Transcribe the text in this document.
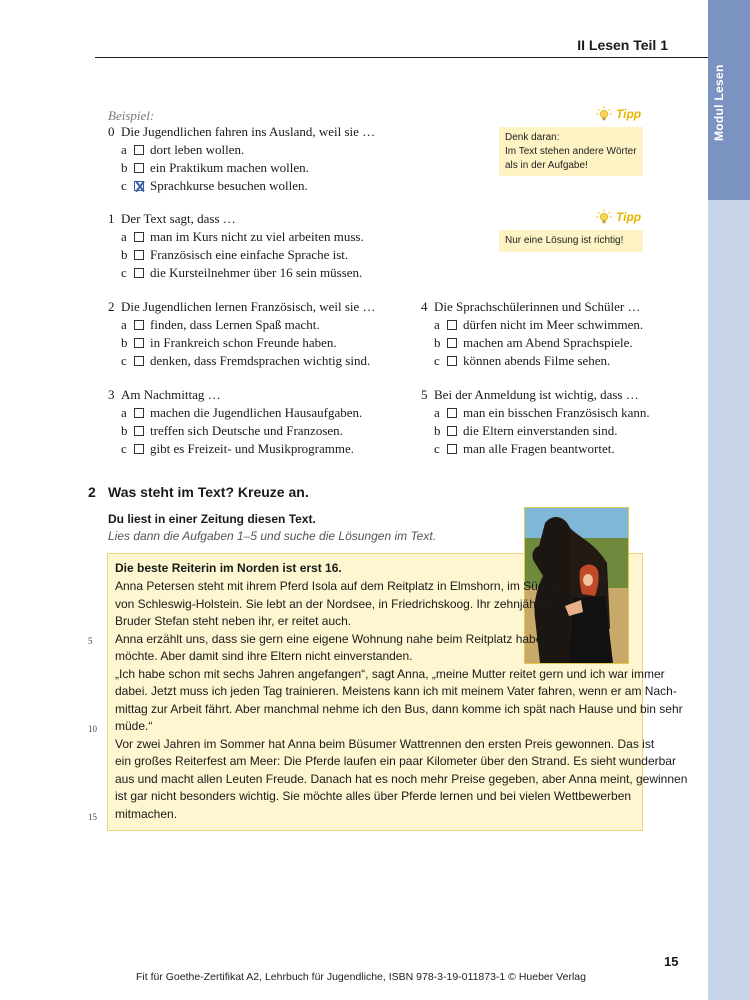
Modul Lesen
II Lesen Teil 1
Beispiel:
0 Die Jugendlichen fahren ins Ausland, weil sie …
a	dort leben wollen.
b	ein Praktikum machen wollen.
c	Sprachkurse besuchen wollen.
Tipp
Denk daran:
Im Text stehen andere Wörter
als in der Aufgabe!
Tipp
Nur eine Lösung ist richtig!
1 Der Text sagt, dass …
a	man im Kurs nicht zu viel arbeiten muss.
b	Französisch eine einfache Sprache ist.
c	die Kursteilnehmer über 16 sein müssen.
2 Die Jugendlichen lernen Französisch, weil sie …
a	finden, dass Lernen Spaß macht.
b	in Frankreich schon Freunde haben.
c	denken, dass Fremdsprachen wichtig sind.
3 Am Nachmittag …
a	machen die Jugendlichen Hausaufgaben.
b	treffen sich Deutsche und Franzosen.
c	gibt es Freizeit- und Musikprogramme.
4 Die Sprachschülerinnen und Schüler …
a	dürfen nicht im Meer schwimmen.
b	machen am Abend Sprachspiele.
c	können abends Filme sehen.
5 Bei der Anmeldung ist wichtig, dass …
a	man ein bisschen Französisch kann.
b	die Eltern einverstanden sind.
c	man alle Fragen beantwortet.
2 Was steht im Text? Kreuze an.
Du liest in einer Zeitung diesen Text.
Lies dann die Aufgaben 1–5 und suche die Lösungen im Text.
Die beste Reiterin im Norden ist erst 16.
Anna Petersen steht mit ihrem Pferd Isola auf dem Reitplatz in Elmshorn, im Süden
von Schleswig-Holstein. Sie lebt an der Nordsee, in Friedrichskoog. Ihr zehnjähriger
Bruder Stefan steht neben ihr, er reitet auch.
Anna erzählt uns, dass sie gern eine eigene Wohnung nahe beim Reitplatz haben
möchte. Aber damit sind ihre Eltern nicht einverstanden.
„Ich habe schon mit sechs Jahren angefangen“, sagt Anna, „meine Mutter reitet gern und ich war immer
dabei. Jetzt muss ich jeden Tag trainieren. Meistens kann ich mit meinem Vater fahren, wenn er am Nach-
mittag zur Arbeit fährt. Aber manchmal nehme ich den Bus, dann komme ich spät nach Hause und bin sehr
müde.“
Vor zwei Jahren im Sommer hat Anna beim Büsumer Wattrennen den ersten Preis gewonnen. Das ist
ein großes Reiterfest am Meer: Die Pferde laufen ein paar Kilometer über den Strand. Es sieht wunderbar
aus und macht allen Leuten Freude. Danach hat es noch mehr Preise gegeben, aber Anna meint, gewinnen
ist gar nicht besonders wichtig. Sie möchte alles über Pferde lernen und bei vielen Wettbewerben
mitmachen.
5
10
15
15
Fit für Goethe-Zertifikat A2, Lehrbuch für Jugendliche, ISBN 978-3-19-011873-1 © Hueber Verlag
